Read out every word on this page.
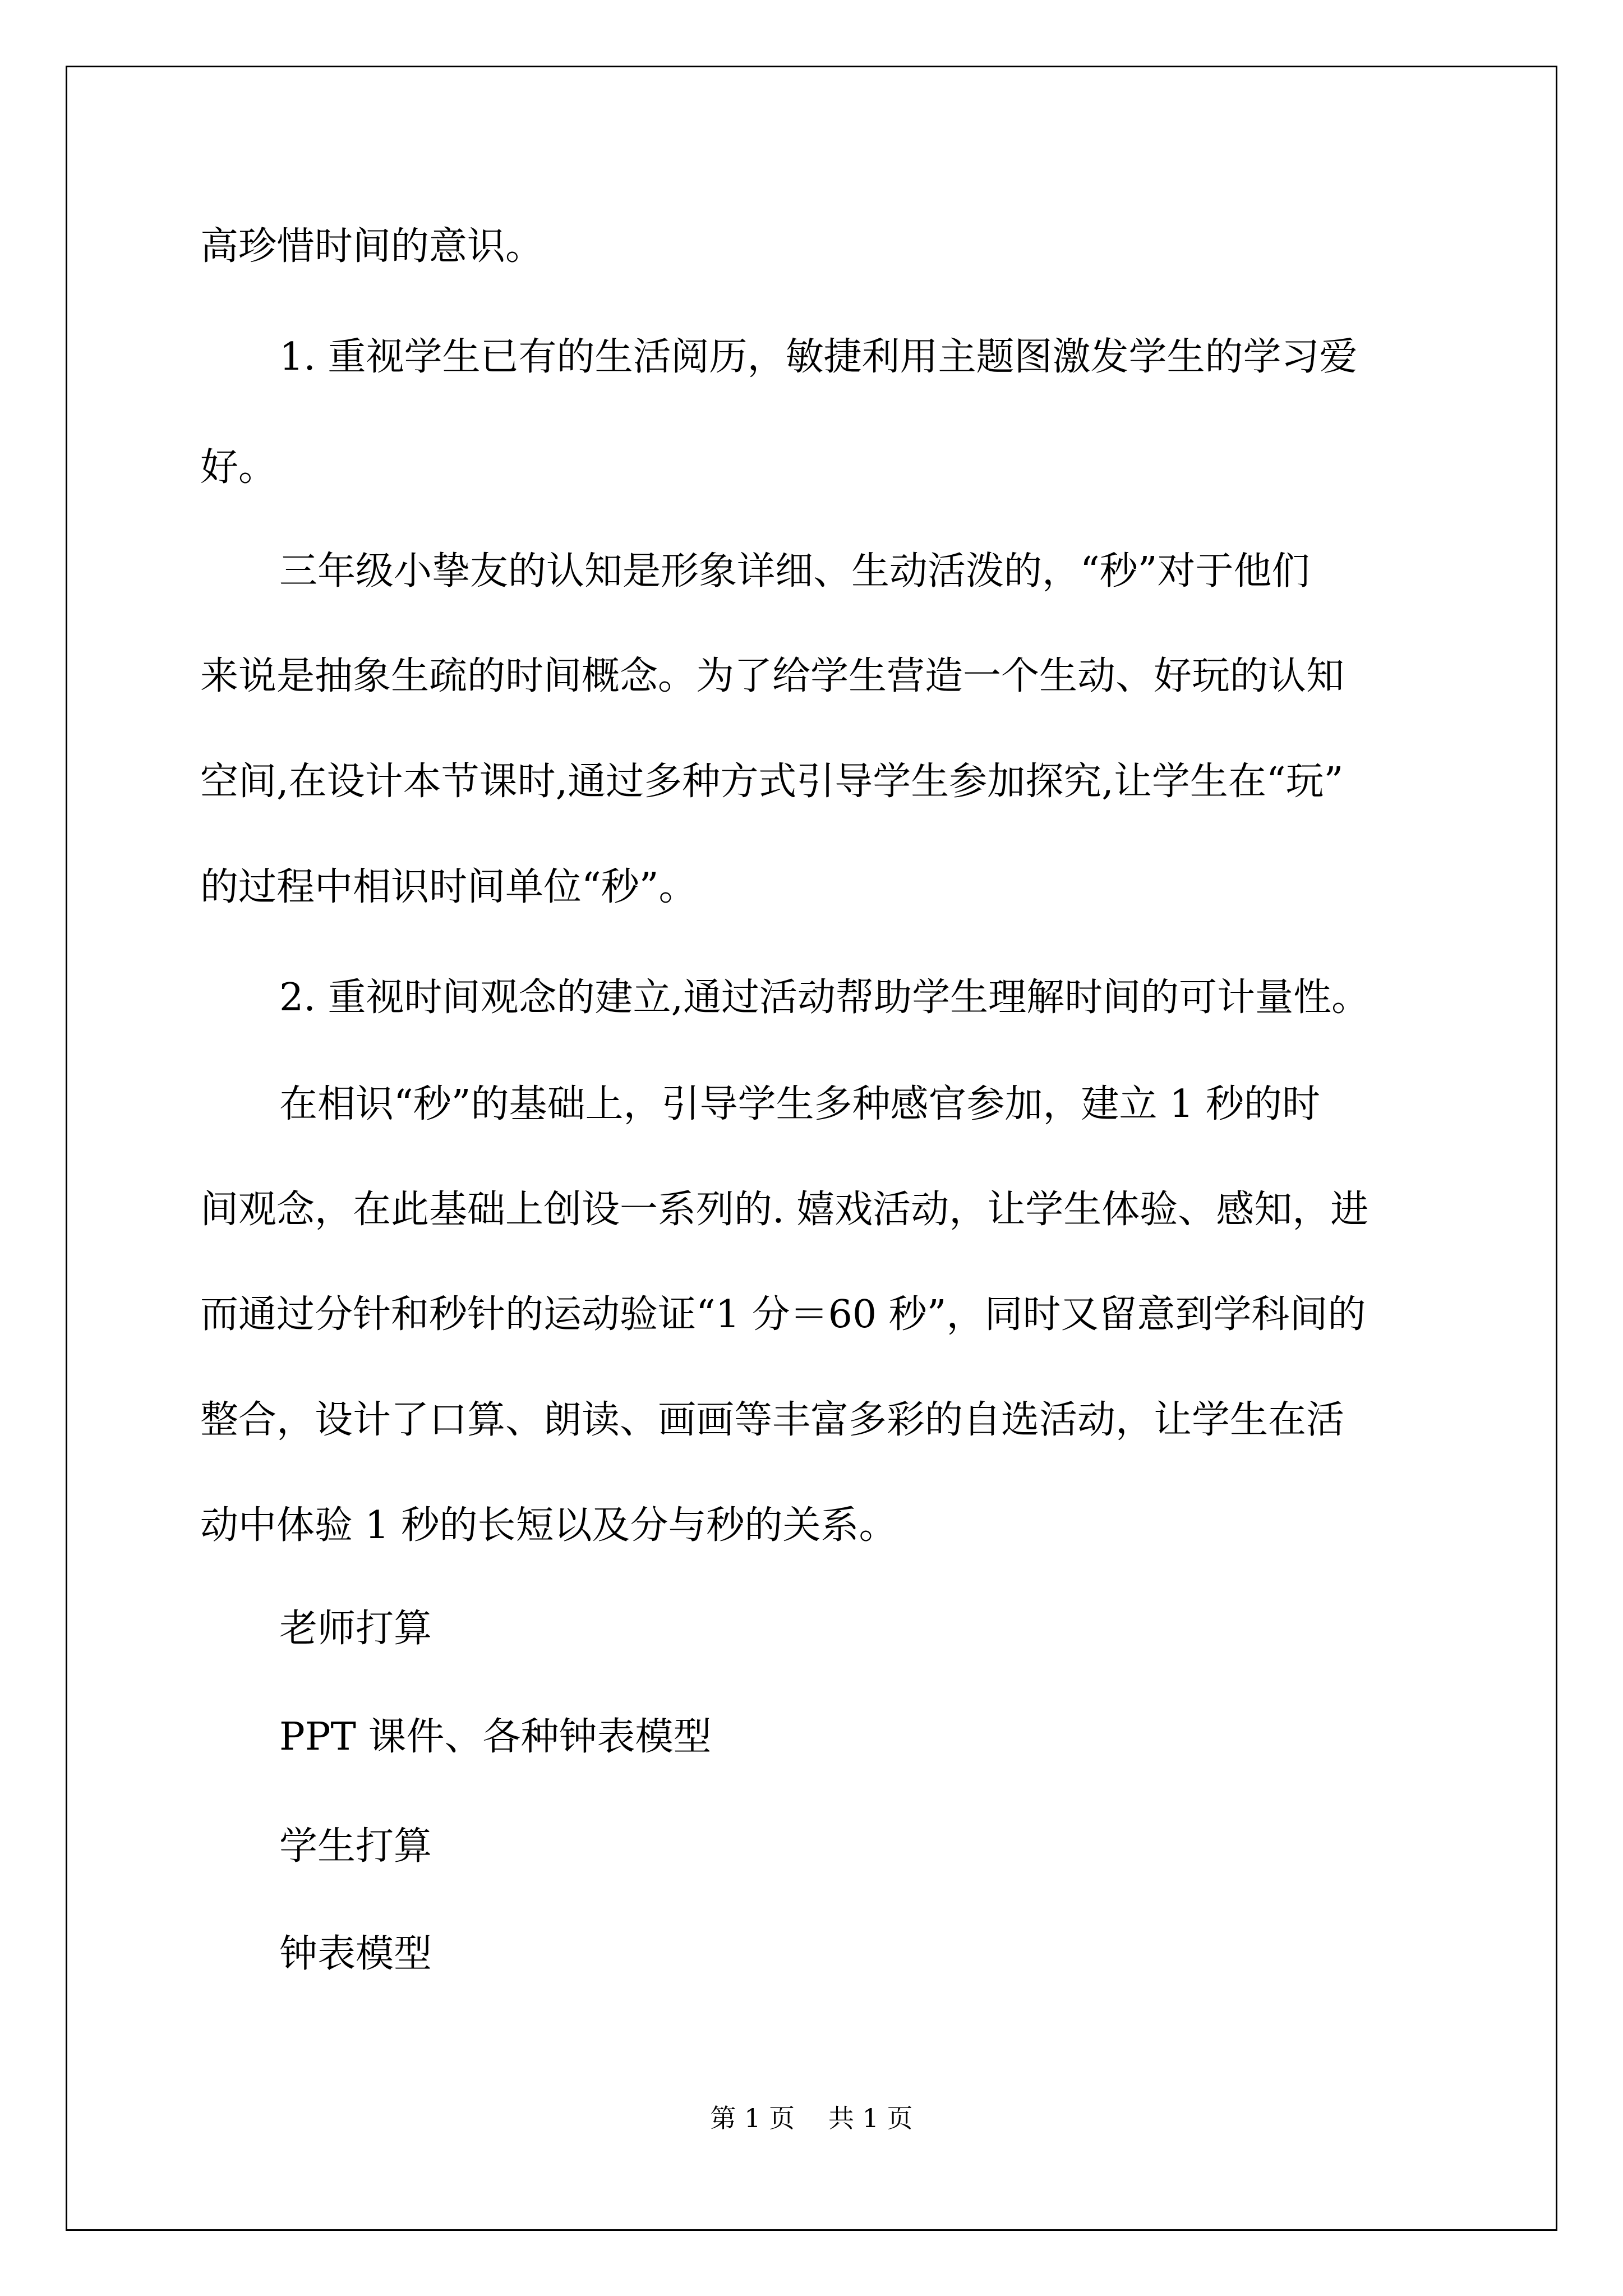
高珍惜时间的意识。
1. 重视学生已有的生活阅历，敏捷利用主题图激发学生的学习爱
好。
三年级小挚友的认知是形象详细、生动活泼的，“秒”对于他们
来说是抽象生疏的时间概念。为了给学生营造一个生动、好玩的认知
空间,在设计本节课时,通过多种方式引导学生参加探究,让学生在“玩”
的过程中相识时间单位“秒”。
2. 重视时间观念的建立,通过活动帮助学生理解时间的可计量性。
在相识“秒”的基础上，引导学生多种感官参加，建立 1 秒的时
间观念，在此基础上创设一系列的. 嬉戏活动，让学生体验、感知，进
而通过分针和秒针的运动验证“1 分＝60 秒”，同时又留意到学科间的
整合，设计了口算、朗读、画画等丰富多彩的自选活动，让学生在活
动中体验 1 秒的长短以及分与秒的关系。
老师打算
PPT 课件、各种钟表模型
学生打算
钟表模型
第 1 页 共 1 页
